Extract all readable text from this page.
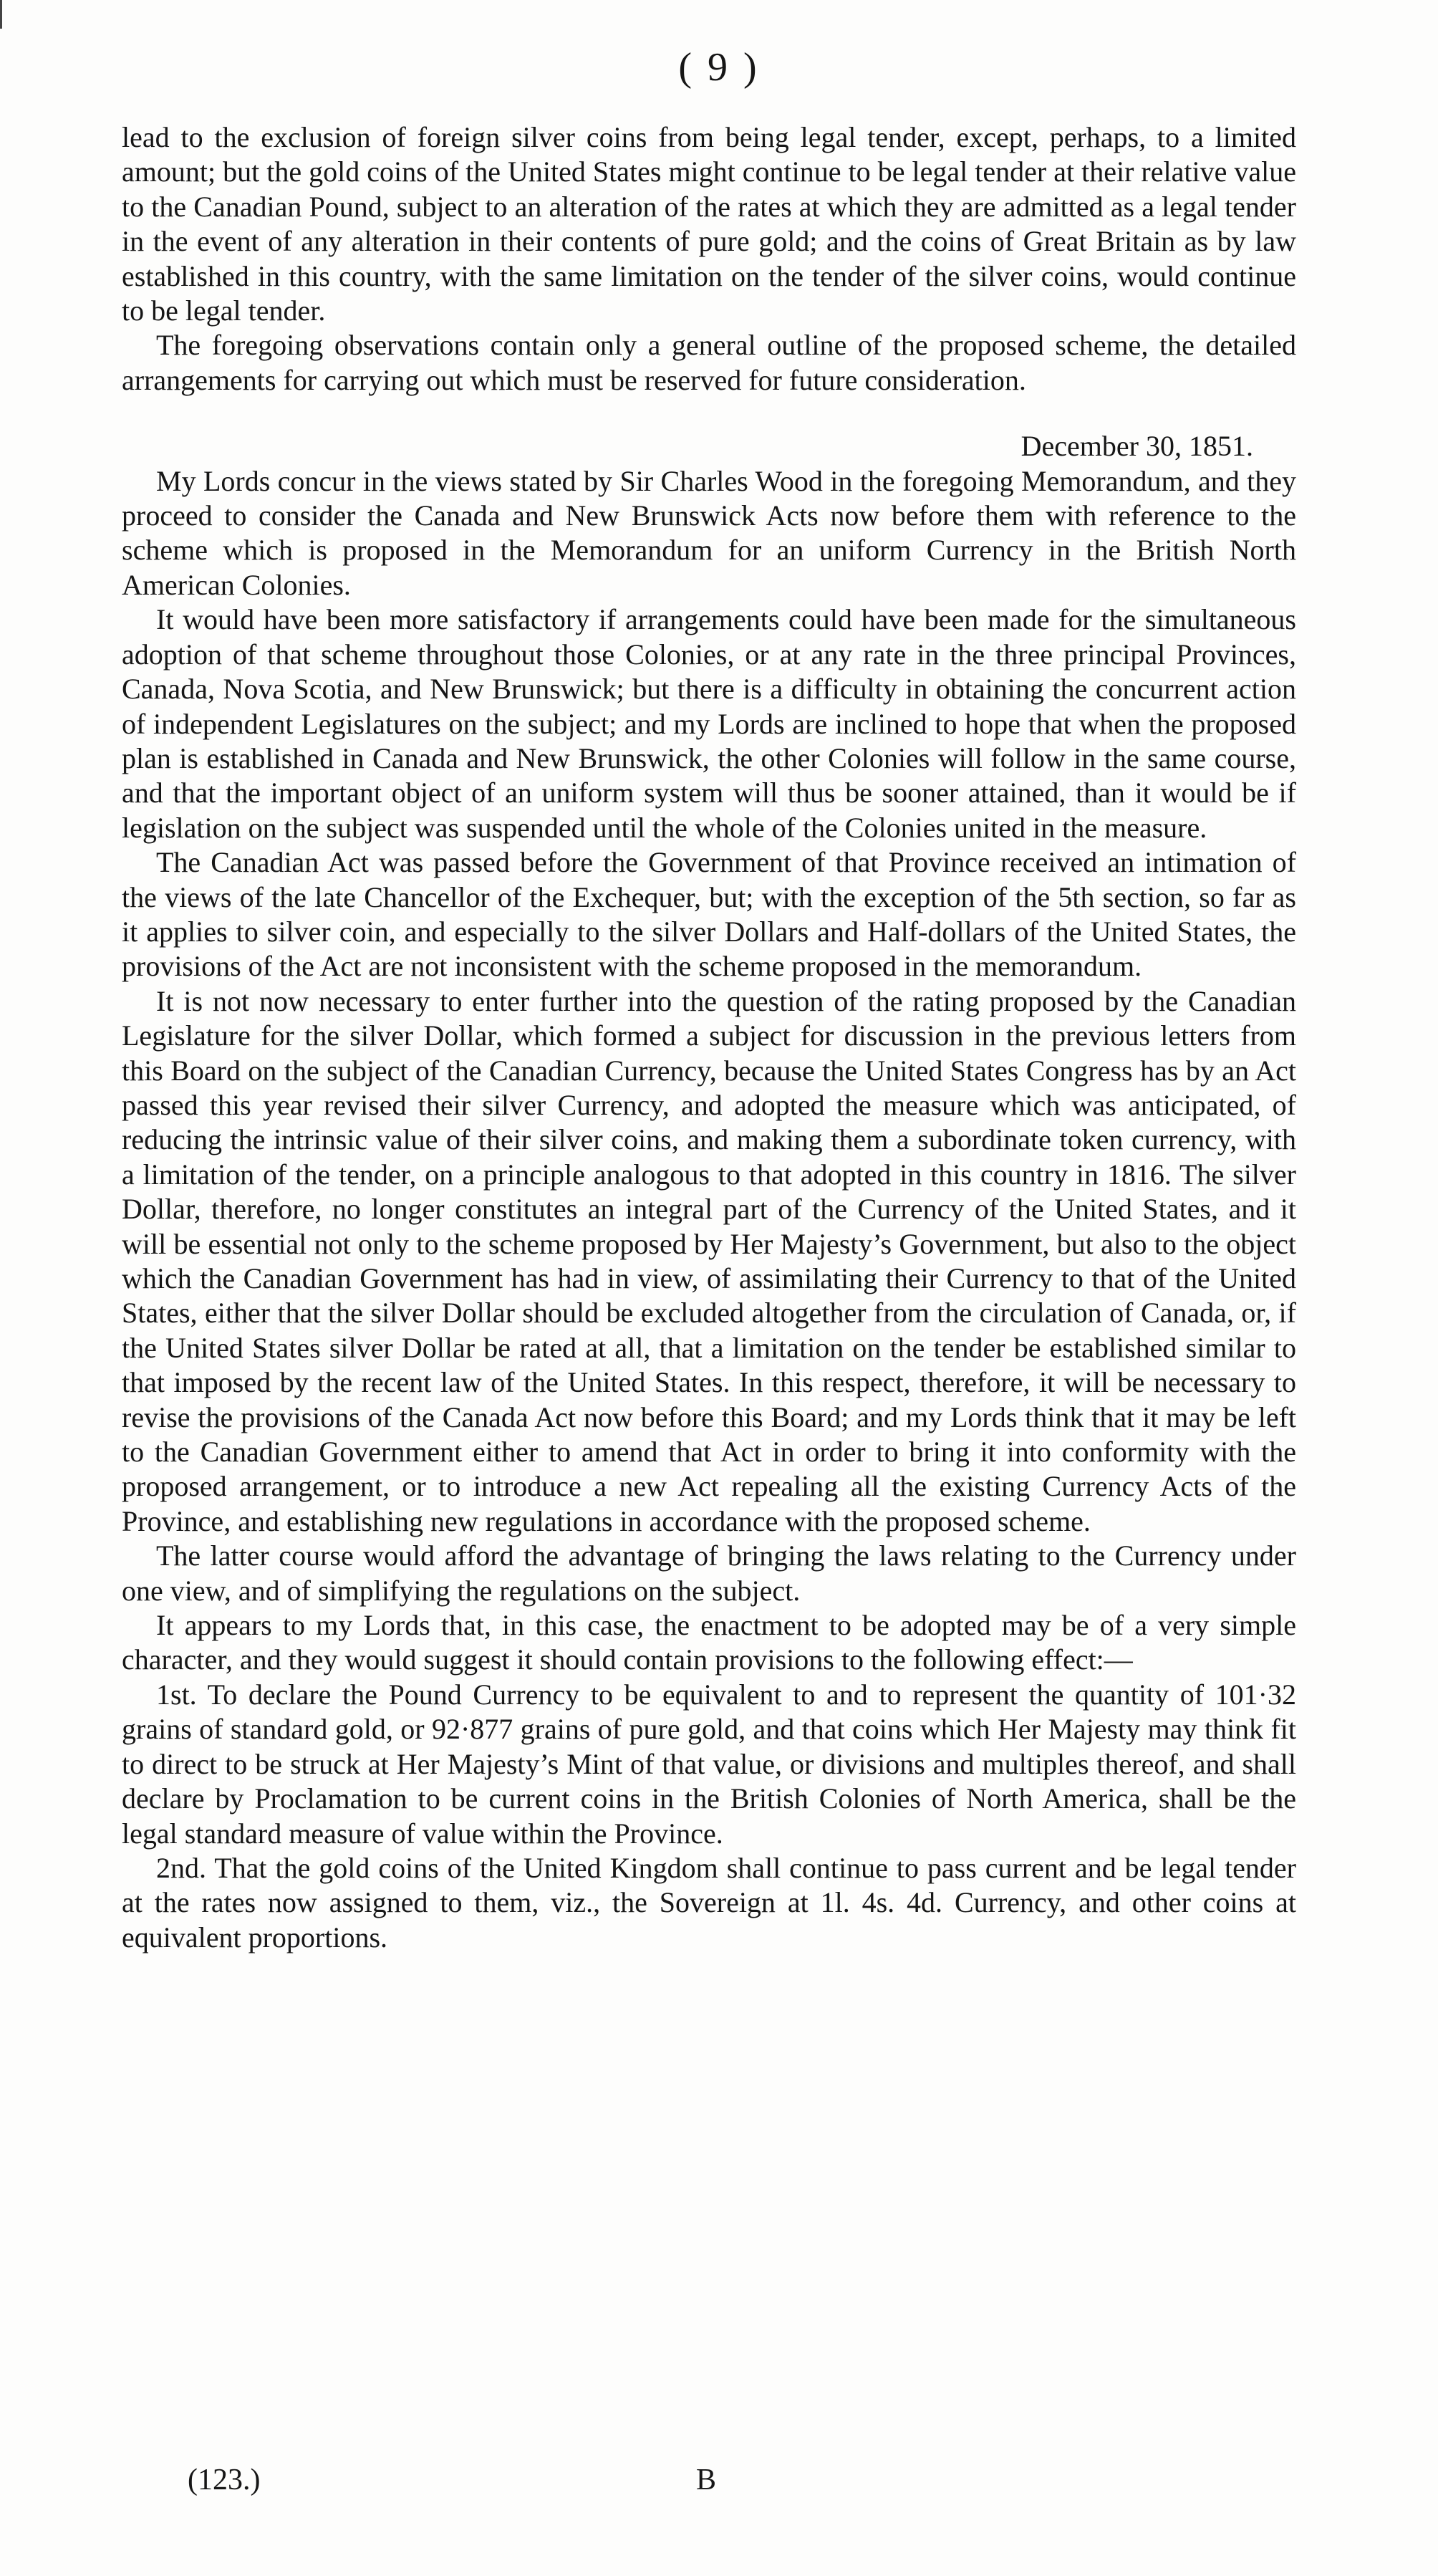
( 9 )

lead to the exclusion of foreign silver coins from being legal tender, except, perhaps, to a limited amount; but the gold coins of the United States might continue to be legal tender at their relative value to the Canadian Pound, subject to an alteration of the rates at which they are admitted as a legal tender in the event of any alteration in their contents of pure gold; and the coins of Great Britain as by law established in this country, with the same limitation on the tender of the silver coins, would continue to be legal tender.

The foregoing observations contain only a general outline of the proposed scheme, the detailed arrangements for carrying out which must be reserved for future consideration.

December 30, 1851.

My Lords concur in the views stated by Sir Charles Wood in the foregoing Memorandum, and they proceed to consider the Canada and New Brunswick Acts now before them with reference to the scheme which is proposed in the Memorandum for an uniform Currency in the British North American Colonies.

It would have been more satisfactory if arrangements could have been made for the simultaneous adoption of that scheme throughout those Colonies, or at any rate in the three principal Provinces, Canada, Nova Scotia, and New Brunswick; but there is a difficulty in obtaining the concurrent action of independent Legislatures on the subject; and my Lords are inclined to hope that when the proposed plan is established in Canada and New Brunswick, the other Colonies will follow in the same course, and that the important object of an uniform system will thus be sooner attained, than it would be if legislation on the subject was suspended until the whole of the Colonies united in the measure.

The Canadian Act was passed before the Government of that Province received an intimation of the views of the late Chancellor of the Exchequer, but; with the exception of the 5th section, so far as it applies to silver coin, and especially to the silver Dollars and Half-dollars of the United States, the provisions of the Act are not inconsistent with the scheme proposed in the memorandum.

It is not now necessary to enter further into the question of the rating proposed by the Canadian Legislature for the silver Dollar, which formed a subject for discussion in the previous letters from this Board on the subject of the Canadian Currency, because the United States Congress has by an Act passed this year revised their silver Currency, and adopted the measure which was anticipated, of reducing the intrinsic value of their silver coins, and making them a subordinate token currency, with a limitation of the tender, on a principle analogous to that adopted in this country in 1816. The silver Dollar, therefore, no longer constitutes an integral part of the Currency of the United States, and it will be essential not only to the scheme proposed by Her Majesty’s Government, but also to the object which the Canadian Government has had in view, of assimilating their Currency to that of the United States, either that the silver Dollar should be excluded altogether from the circulation of Canada, or, if the United States silver Dollar be rated at all, that a limitation on the tender be established similar to that imposed by the recent law of the United States. In this respect, therefore, it will be necessary to revise the provisions of the Canada Act now before this Board; and my Lords think that it may be left to the Canadian Government either to amend that Act in order to bring it into conformity with the proposed arrangement, or to introduce a new Act repealing all the existing Currency Acts of the Province, and establishing new regulations in accordance with the proposed scheme.

The latter course would afford the advantage of bringing the laws relating to the Currency under one view, and of simplifying the regulations on the subject.

It appears to my Lords that, in this case, the enactment to be adopted may be of a very simple character, and they would suggest it should contain provisions to the following effect:—

1st. To declare the Pound Currency to be equivalent to and to represent the quantity of 101·32 grains of standard gold, or 92·877 grains of pure gold, and that coins which Her Majesty may think fit to direct to be struck at Her Majesty’s Mint of that value, or divisions and multiples thereof, and shall declare by Proclamation to be current coins in the British Colonies of North America, shall be the legal standard measure of value within the Province.

2nd. That the gold coins of the United Kingdom shall continue to pass current and be legal tender at the rates now assigned to them, viz., the Sovereign at 1l. 4s. 4d. Currency, and other coins at equivalent proportions.

(123.)	B
